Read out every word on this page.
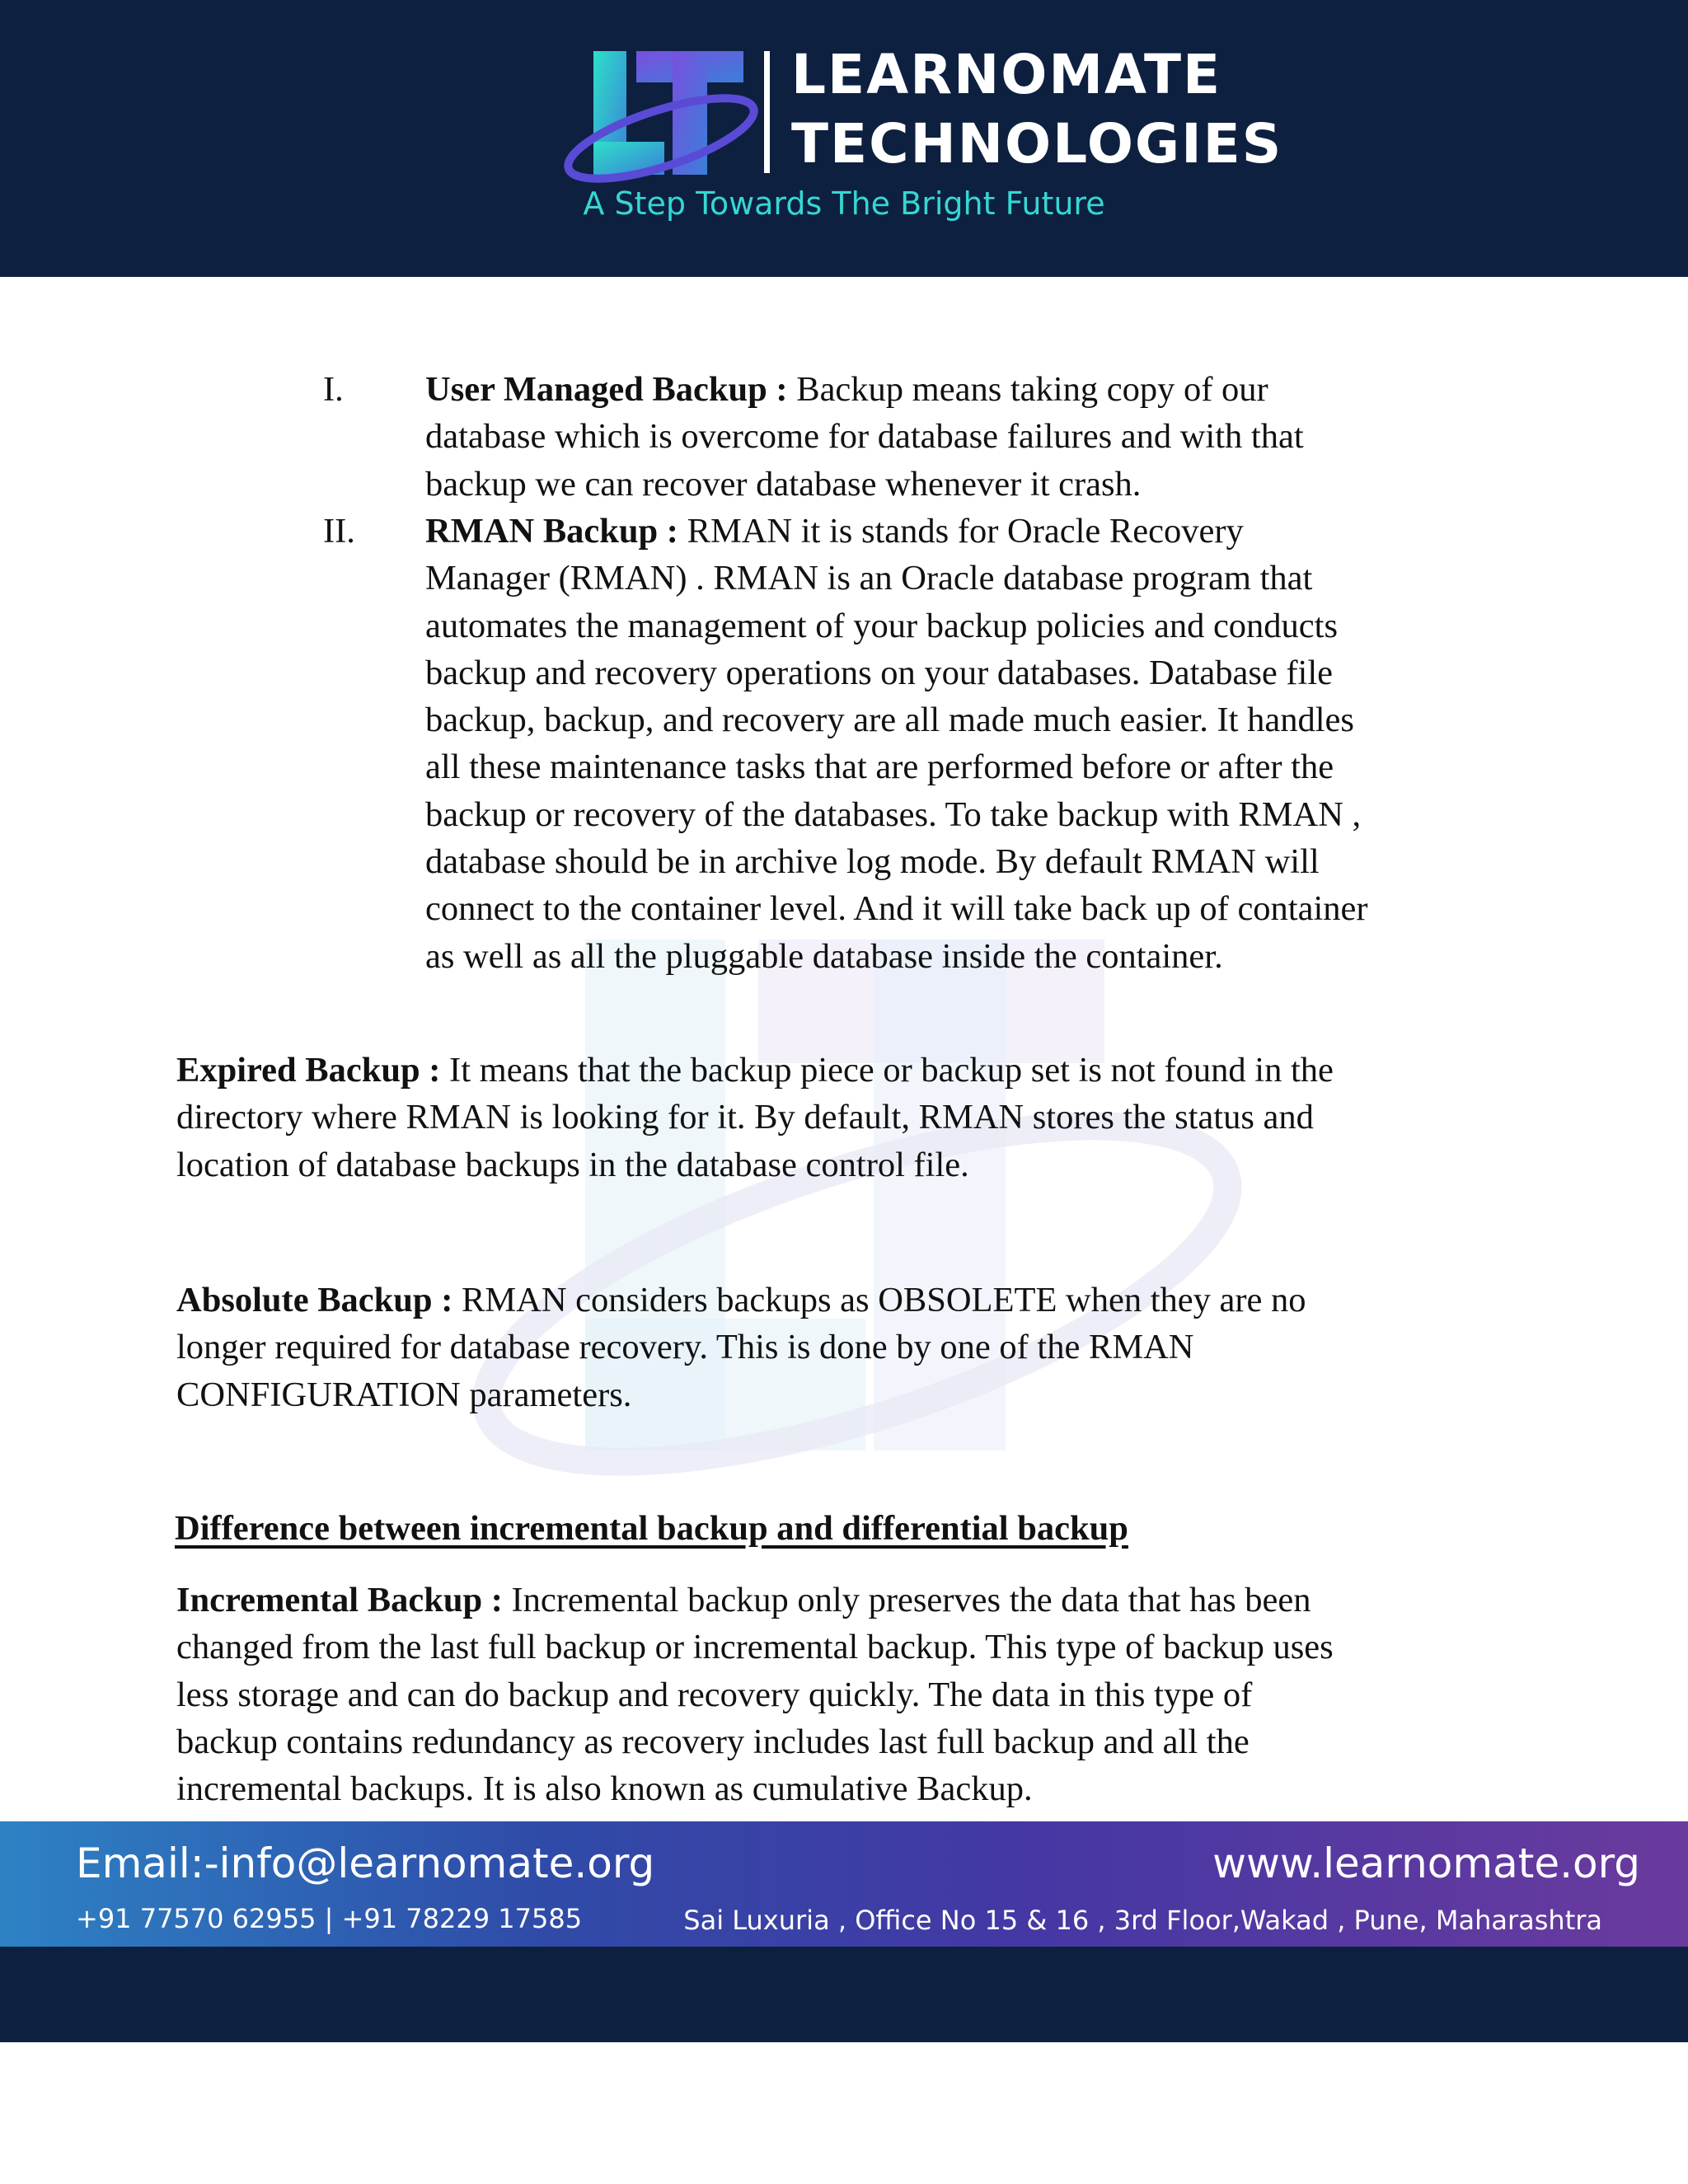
LEARNOMATE
TECHNOLOGIES
A Step Towards The Bright Future
I. User Managed Backup : Backup means taking copy of our
database which is overcome for database failures and with that
backup we can recover database whenever it crash.
II. RMAN Backup : RMAN it is stands for Oracle Recovery
Manager (RMAN) . RMAN is an Oracle database program that
automates the management of your backup policies and conducts
backup and recovery operations on your databases. Database file
backup, backup, and recovery are all made much easier. It handles
all these maintenance tasks that are performed before or after the
backup or recovery of the databases. To take backup with RMAN ,
database should be in archive log mode. By default RMAN will
connect to the container level. And it will take back up of container
as well as all the pluggable database inside the container.
Expired Backup : It means that the backup piece or backup set is not found in the
directory where RMAN is looking for it. By default, RMAN stores the status and
location of database backups in the database control file.
Absolute Backup : RMAN considers backups as OBSOLETE when they are no
longer required for database recovery. This is done by one of the RMAN
CONFIGURATION parameters.
Difference between incremental backup and differential backup
Incremental Backup : Incremental backup only preserves the data that has been
changed from the last full backup or incremental backup. This type of backup uses
less storage and can do backup and recovery quickly. The data in this type of
backup contains redundancy as recovery includes last full backup and all the
incremental backups. It is also known as cumulative Backup.
Email:-info@learnomate.org	www.learnomate.org
+91 77570 62955 | +91 78229 17585	Sai Luxuria , Office No 15 & 16 , 3rd Floor,Wakad , Pune, Maharashtra
